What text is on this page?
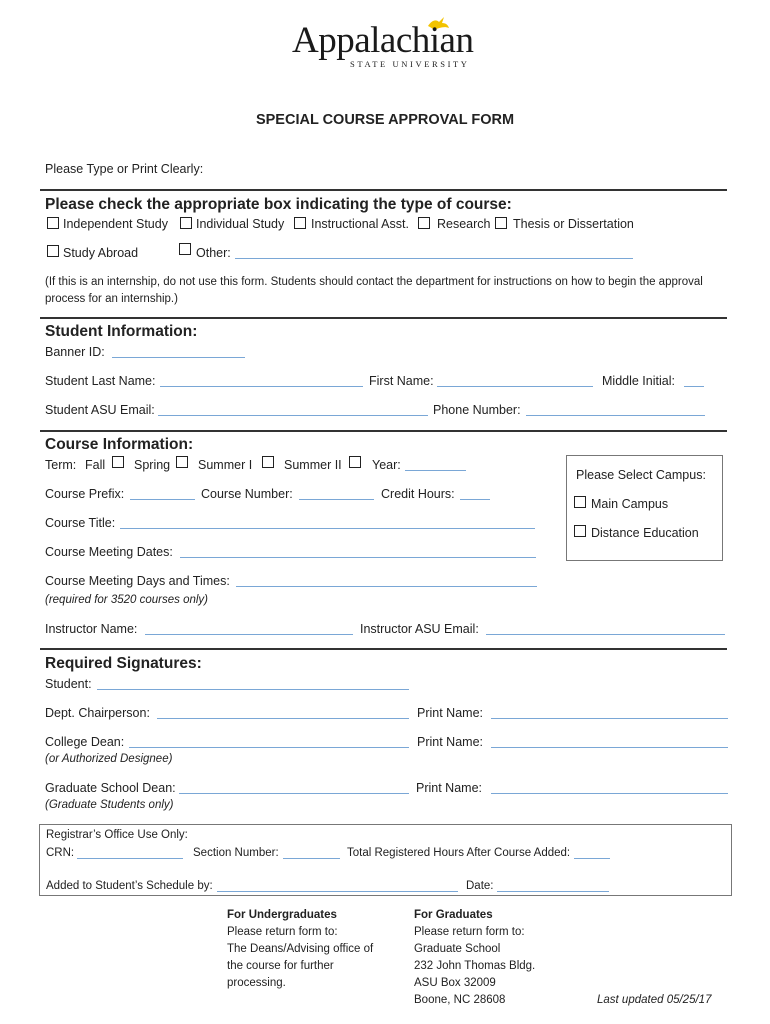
Appalachian
STATE UNIVERSITY
SPECIAL COURSE APPROVAL FORM
Please Type or Print Clearly:
Please check the appropriate box indicating the type of course:
Independent Study Individual Study Instructional Asst. Research Thesis or Dissertation
Study Abroad	Other:
(If this is an internship, do not use this form. Students should contact the department for instructions on how to begin the approval
process for an internship.)
Student Information:
Banner ID:
Student Last Name:	First Name:	Middle Initial:
Student ASU Email:	Phone Number:
Course Information:
Term: Fall Spring Summer I	Summer II Year:
Course Prefix:	Course Number:	Credit Hours:
Course Title:
Course Meeting Dates:
Course Meeting Days and Times:
(required for 3520 courses only)
Instructor Name:	Instructor ASU Email:
Please Select Campus:
Main Campus
Distance Education
Required Signatures:
Student:
Dept. Chairperson:	Print Name:
College Dean:	Print Name:
(or Authorized Designee)
Graduate School Dean:	Print Name:
(Graduate Students only)
Registrar’s Office Use Only:
CRN:	Section Number:	Total Registered Hours After Course Added:
Added to Student’s Schedule by:	Date:
For Undergraduates
Please return form to:
The Deans/Advising office of
the course for further
processing.
For Graduates
Please return form to:
Graduate School
232 John Thomas Bldg.
ASU Box 32009
Boone, NC 28608	Last updated 05/25/17
